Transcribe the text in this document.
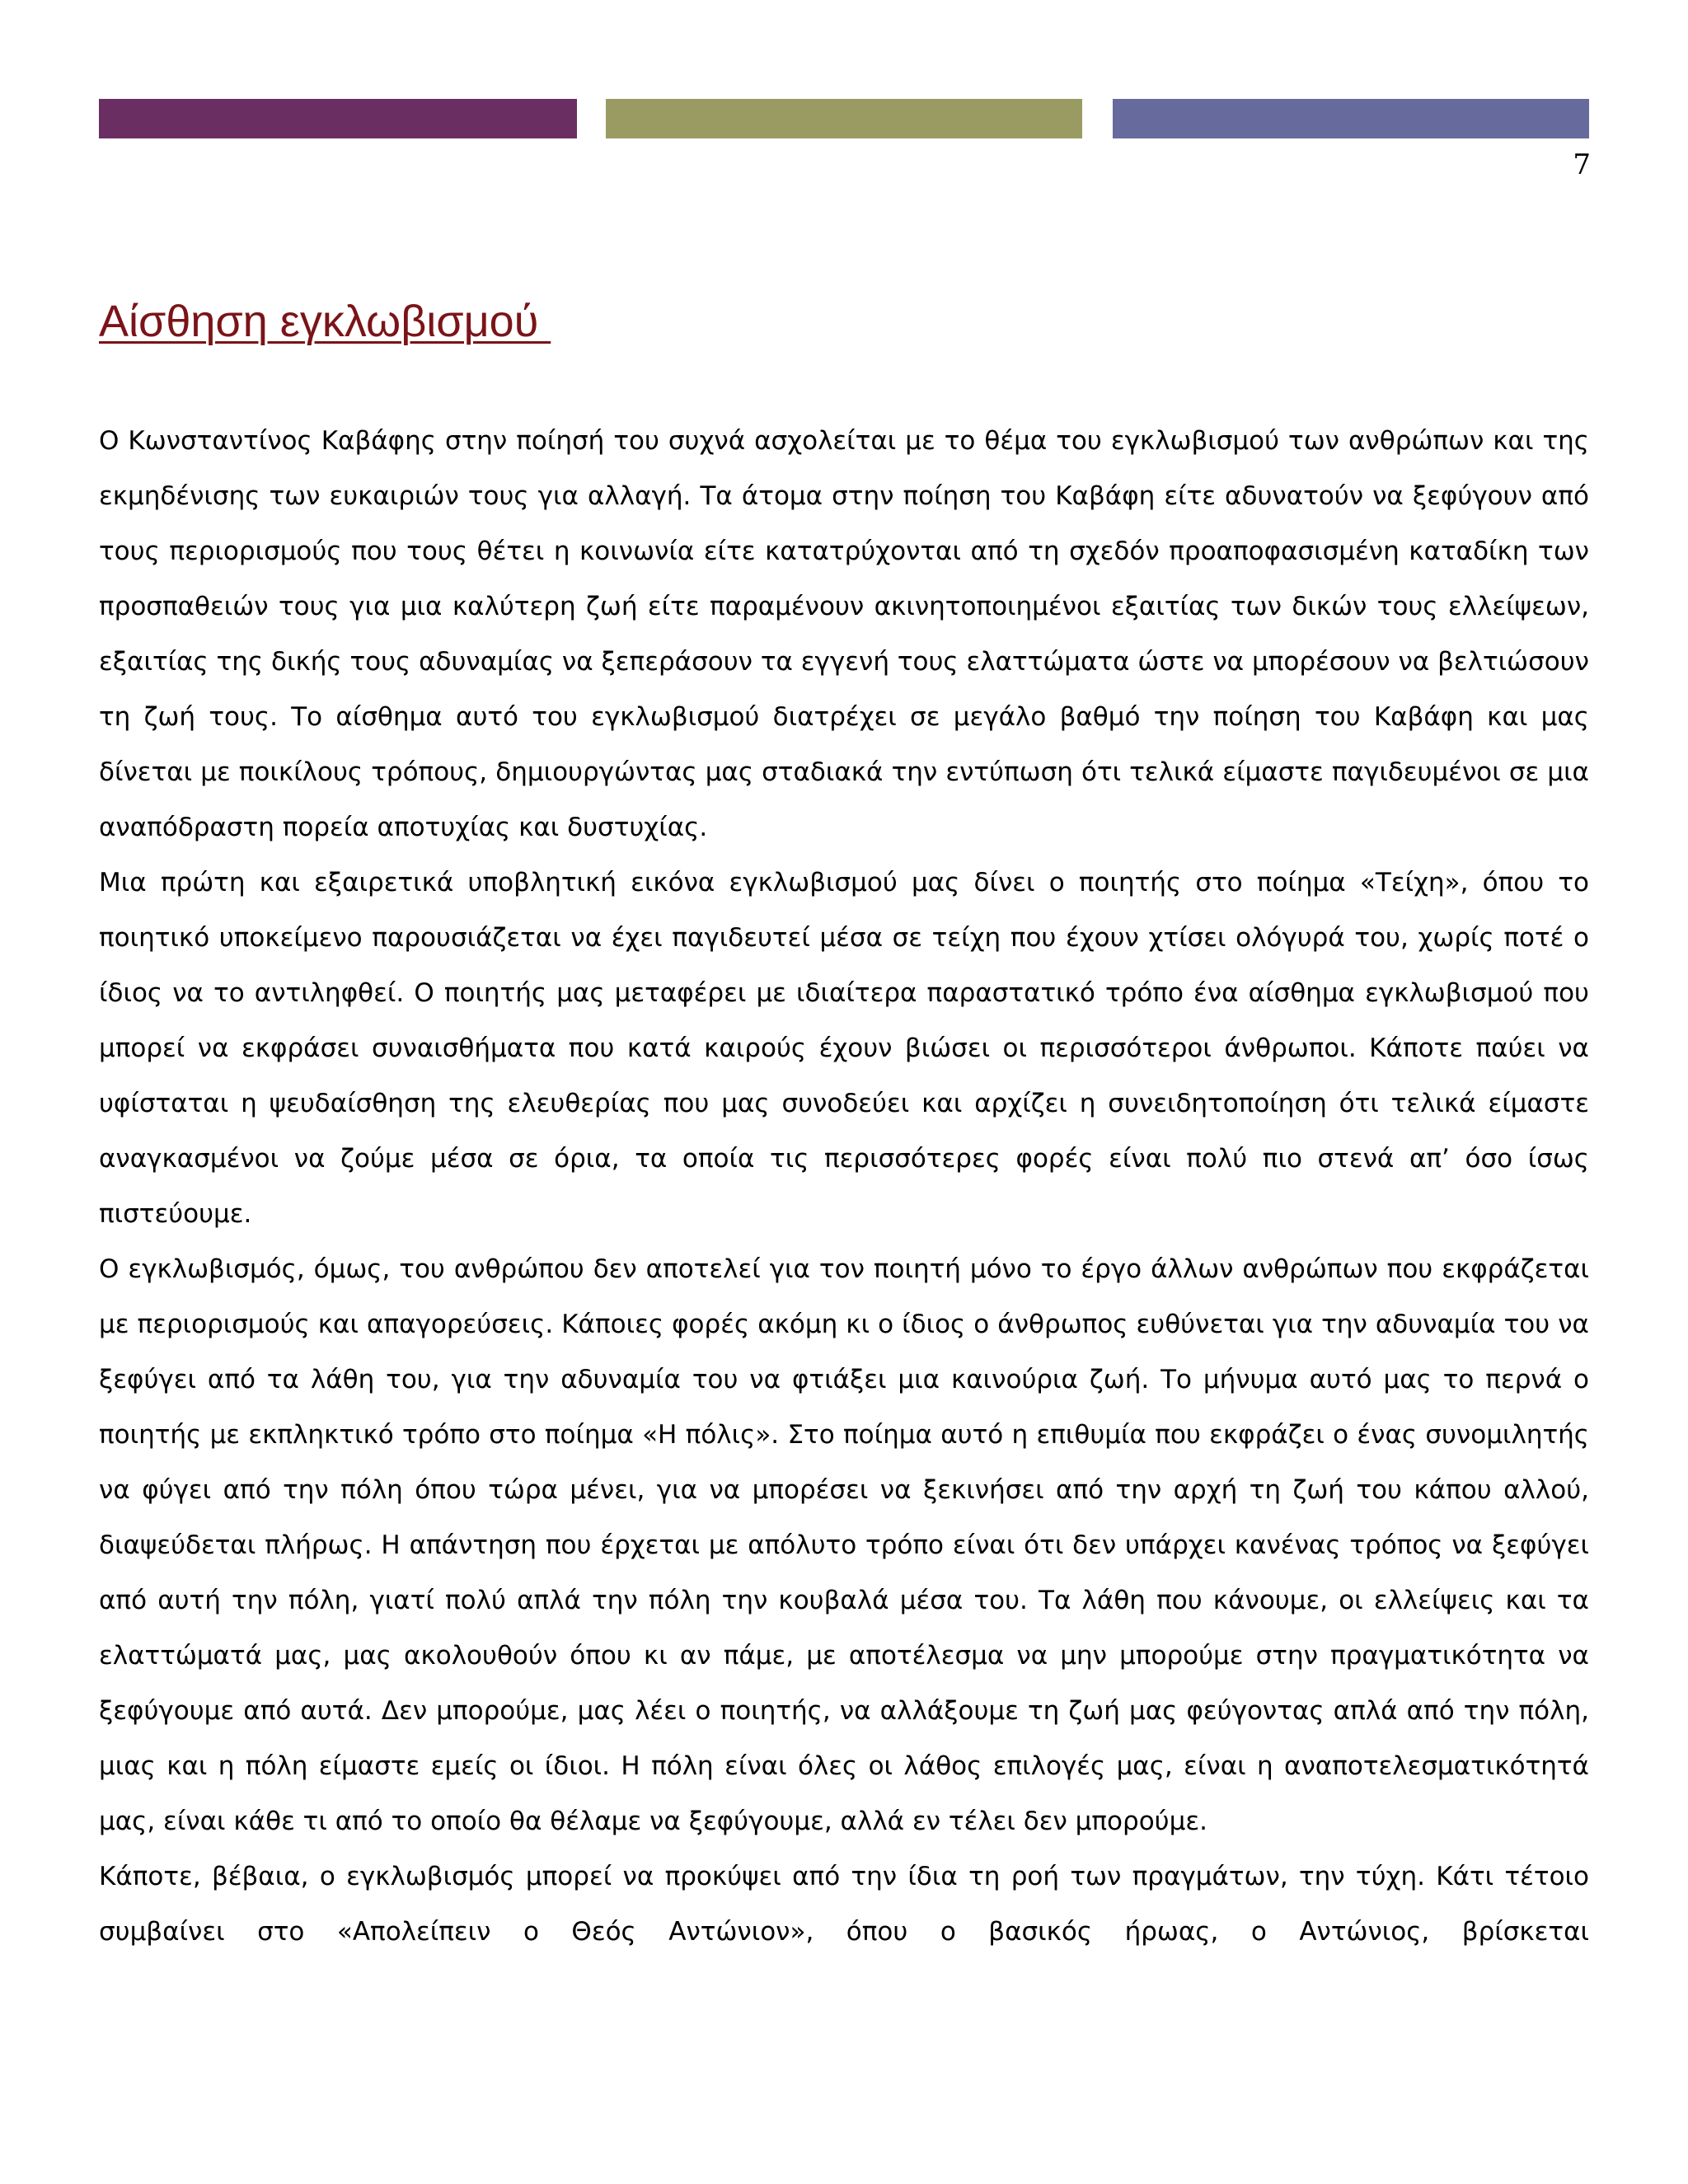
7
Αίσθηση εγκλωβισμού

Ο Κωνσταντίνος Καβάφης στην ποίησή του συχνά ασχολείται με το θέμα του εγκλωβισμού των ανθρώπων και της εκμηδένισης των ευκαιριών τους για αλλαγή. Τα άτομα στην ποίηση του Καβάφη είτε αδυνατούν να ξεφύγουν από τους περιορισμούς που τους θέτει η κοινωνία είτε κατατρύχονται από τη σχεδόν προαποφασισμένη καταδίκη των προσπαθειών τους για μια καλύτερη ζωή είτε παραμένουν ακινητοποιημένοι εξαιτίας των δικών τους ελλείψεων, εξαιτίας της δικής τους αδυναμίας να ξεπεράσουν τα εγγενή τους ελαττώματα ώστε να μπορέσουν να βελτιώσουν τη ζωή τους. Το αίσθημα αυτό του εγκλωβισμού διατρέχει σε μεγάλο βαθμό την ποίηση του Καβάφη και μας δίνεται με ποικίλους τρόπους, δημιουργώντας μας σταδιακά την εντύπωση ότι τελικά είμαστε παγιδευμένοι σε μια αναπόδραστη πορεία αποτυχίας και δυστυχίας.

Μια πρώτη και εξαιρετικά υποβλητική εικόνα εγκλωβισμού μας δίνει ο ποιητής στο ποίημα «Τείχη», όπου το ποιητικό υποκείμενο παρουσιάζεται να έχει παγιδευτεί μέσα σε τείχη που έχουν χτίσει ολόγυρά του, χωρίς ποτέ ο ίδιος να το αντιληφθεί. Ο ποιητής μας μεταφέρει με ιδιαίτερα παραστατικό τρόπο ένα αίσθημα εγκλωβισμού που μπορεί να εκφράσει συναισθήματα που κατά καιρούς έχουν βιώσει οι περισσότεροι άνθρωποι. Κάποτε παύει να υφίσταται η ψευδαίσθηση της ελευθερίας που μας συνοδεύει και αρχίζει η συνειδητοποίηση ότι τελικά είμαστε αναγκασμένοι να ζούμε μέσα σε όρια, τα οποία τις περισσότερες φορές είναι πολύ πιο στενά απ’ όσο ίσως πιστεύουμε.

Ο εγκλωβισμός, όμως, του ανθρώπου δεν αποτελεί για τον ποιητή μόνο το έργο άλλων ανθρώπων που εκφράζεται με περιορισμούς και απαγορεύσεις. Κάποιες φορές ακόμη κι ο ίδιος ο άνθρωπος ευθύνεται για την αδυναμία του να ξεφύγει από τα λάθη του, για την αδυναμία του να φτιάξει μια καινούρια ζωή. Το μήνυμα αυτό μας το περνά ο ποιητής με εκπληκτικό τρόπο στο ποίημα «Η πόλις». Στο ποίημα αυτό η επιθυμία που εκφράζει ο ένας συνομιλητής να φύγει από την πόλη όπου τώρα μένει, για να μπορέσει να ξεκινήσει από την αρχή τη ζωή του κάπου αλλού, διαψεύδεται πλήρως. Η απάντηση που έρχεται με απόλυτο τρόπο είναι ότι δεν υπάρχει κανένας τρόπος να ξεφύγει από αυτή την πόλη, γιατί πολύ απλά την πόλη την κουβαλά μέσα του. Τα λάθη που κάνουμε, οι ελλείψεις και τα ελαττώματά μας, μας ακολουθούν όπου κι αν πάμε, με αποτέλεσμα να μην μπορούμε στην πραγματικότητα να ξεφύγουμε από αυτά. Δεν μπορούμε, μας λέει ο ποιητής, να αλλάξουμε τη ζωή μας φεύγοντας απλά από την πόλη, μιας και η πόλη είμαστε εμείς οι ίδιοι. Η πόλη είναι όλες οι λάθος επιλογές μας, είναι η αναποτελεσματικότητά μας, είναι κάθε τι από το οποίο θα θέλαμε να ξεφύγουμε, αλλά εν τέλει δεν μπορούμε.

Κάποτε, βέβαια, ο εγκλωβισμός μπορεί να προκύψει από την ίδια τη ροή των πραγμάτων, την τύχη. Κάτι τέτοιο συμβαίνει στο «Απολείπειν ο Θεός Αντώνιον», όπου ο βασικός ήρωας, ο Αντώνιος, βρίσκεται
